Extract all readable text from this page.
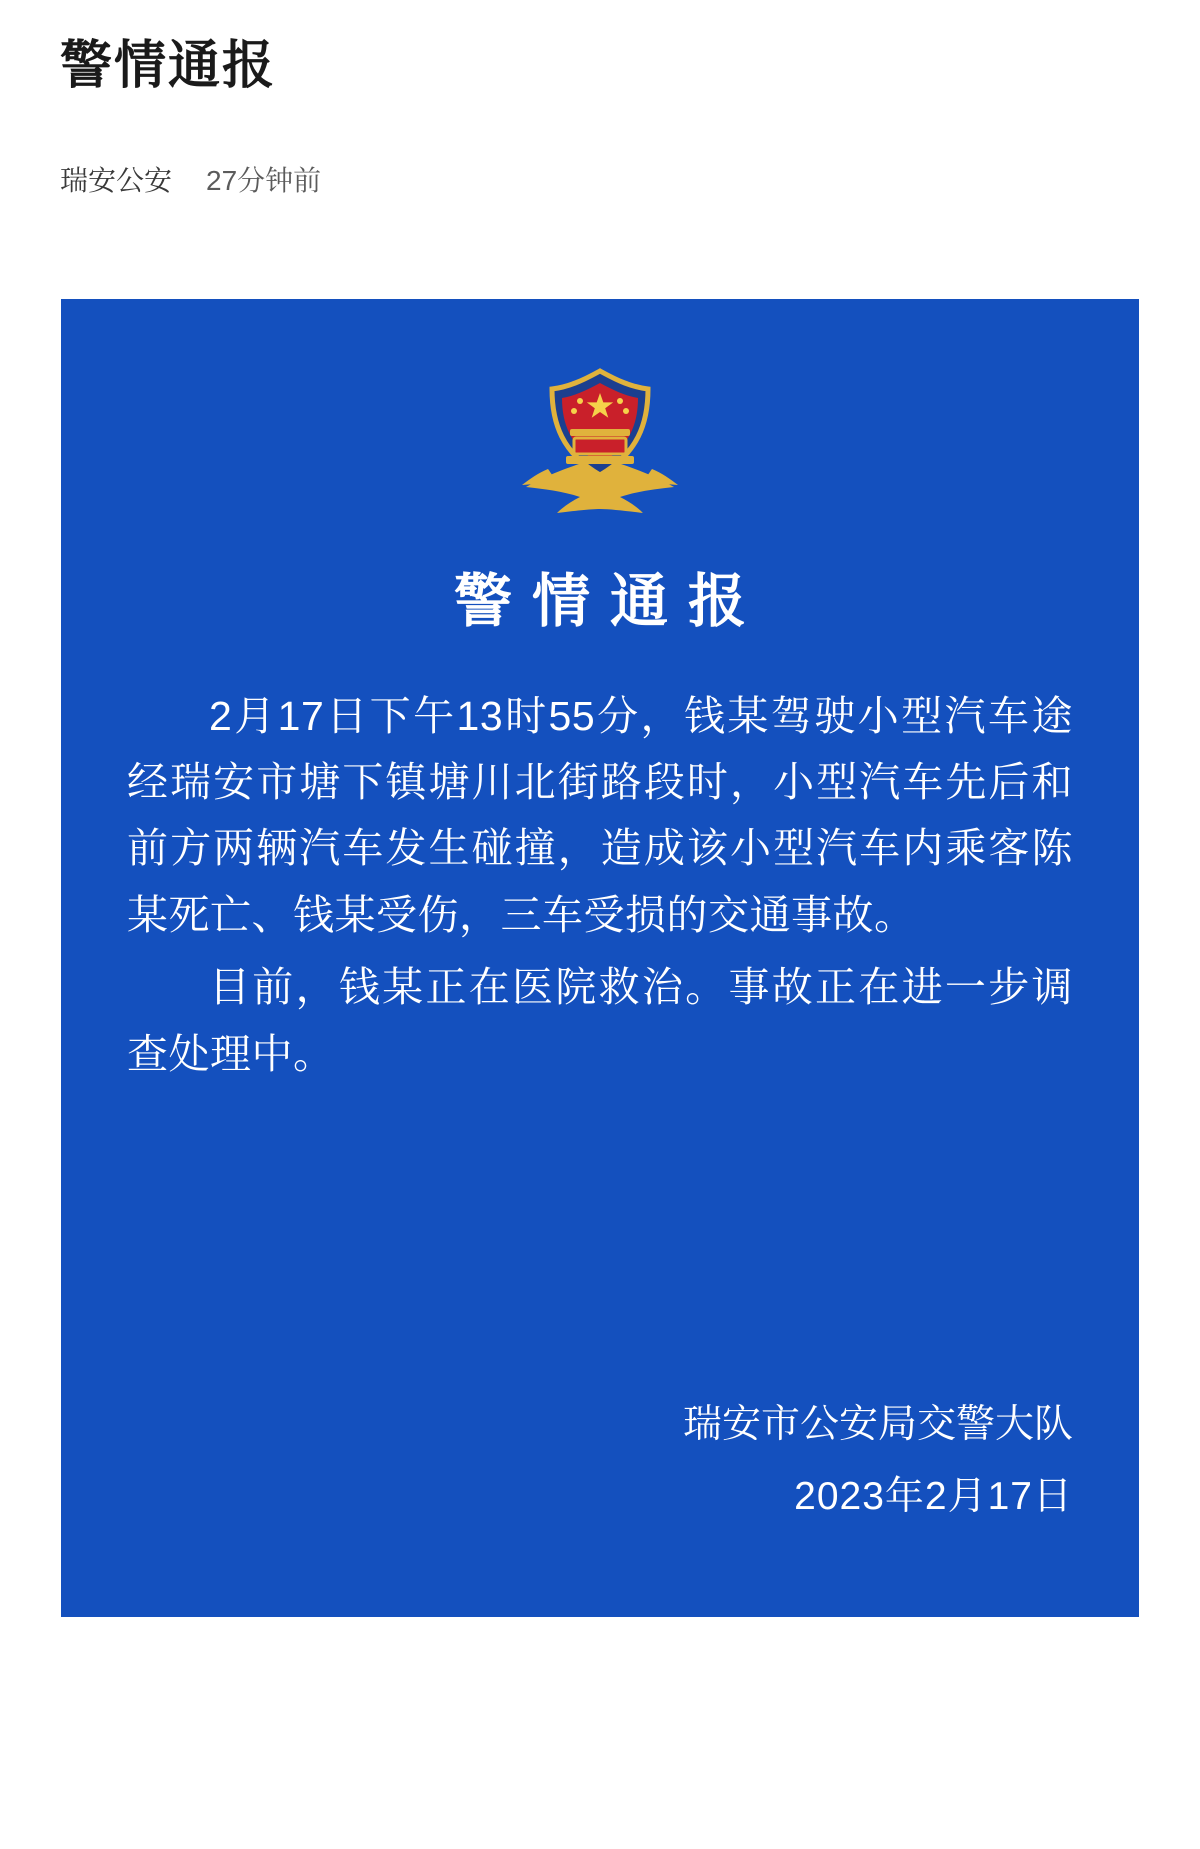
警情通报
瑞安公安 27分钟前
警情通报

2月17日下午13时55分，钱某驾驶小型汽车途经瑞安市塘下镇塘川北街路段时，小型汽车先后和前方两辆汽车发生碰撞，造成该小型汽车内乘客陈某死亡、钱某受伤，三车受损的交通事故。

目前，钱某正在医院救治。事故正在进一步调查处理中。

瑞安市公安局交警大队
2023年2月17日
